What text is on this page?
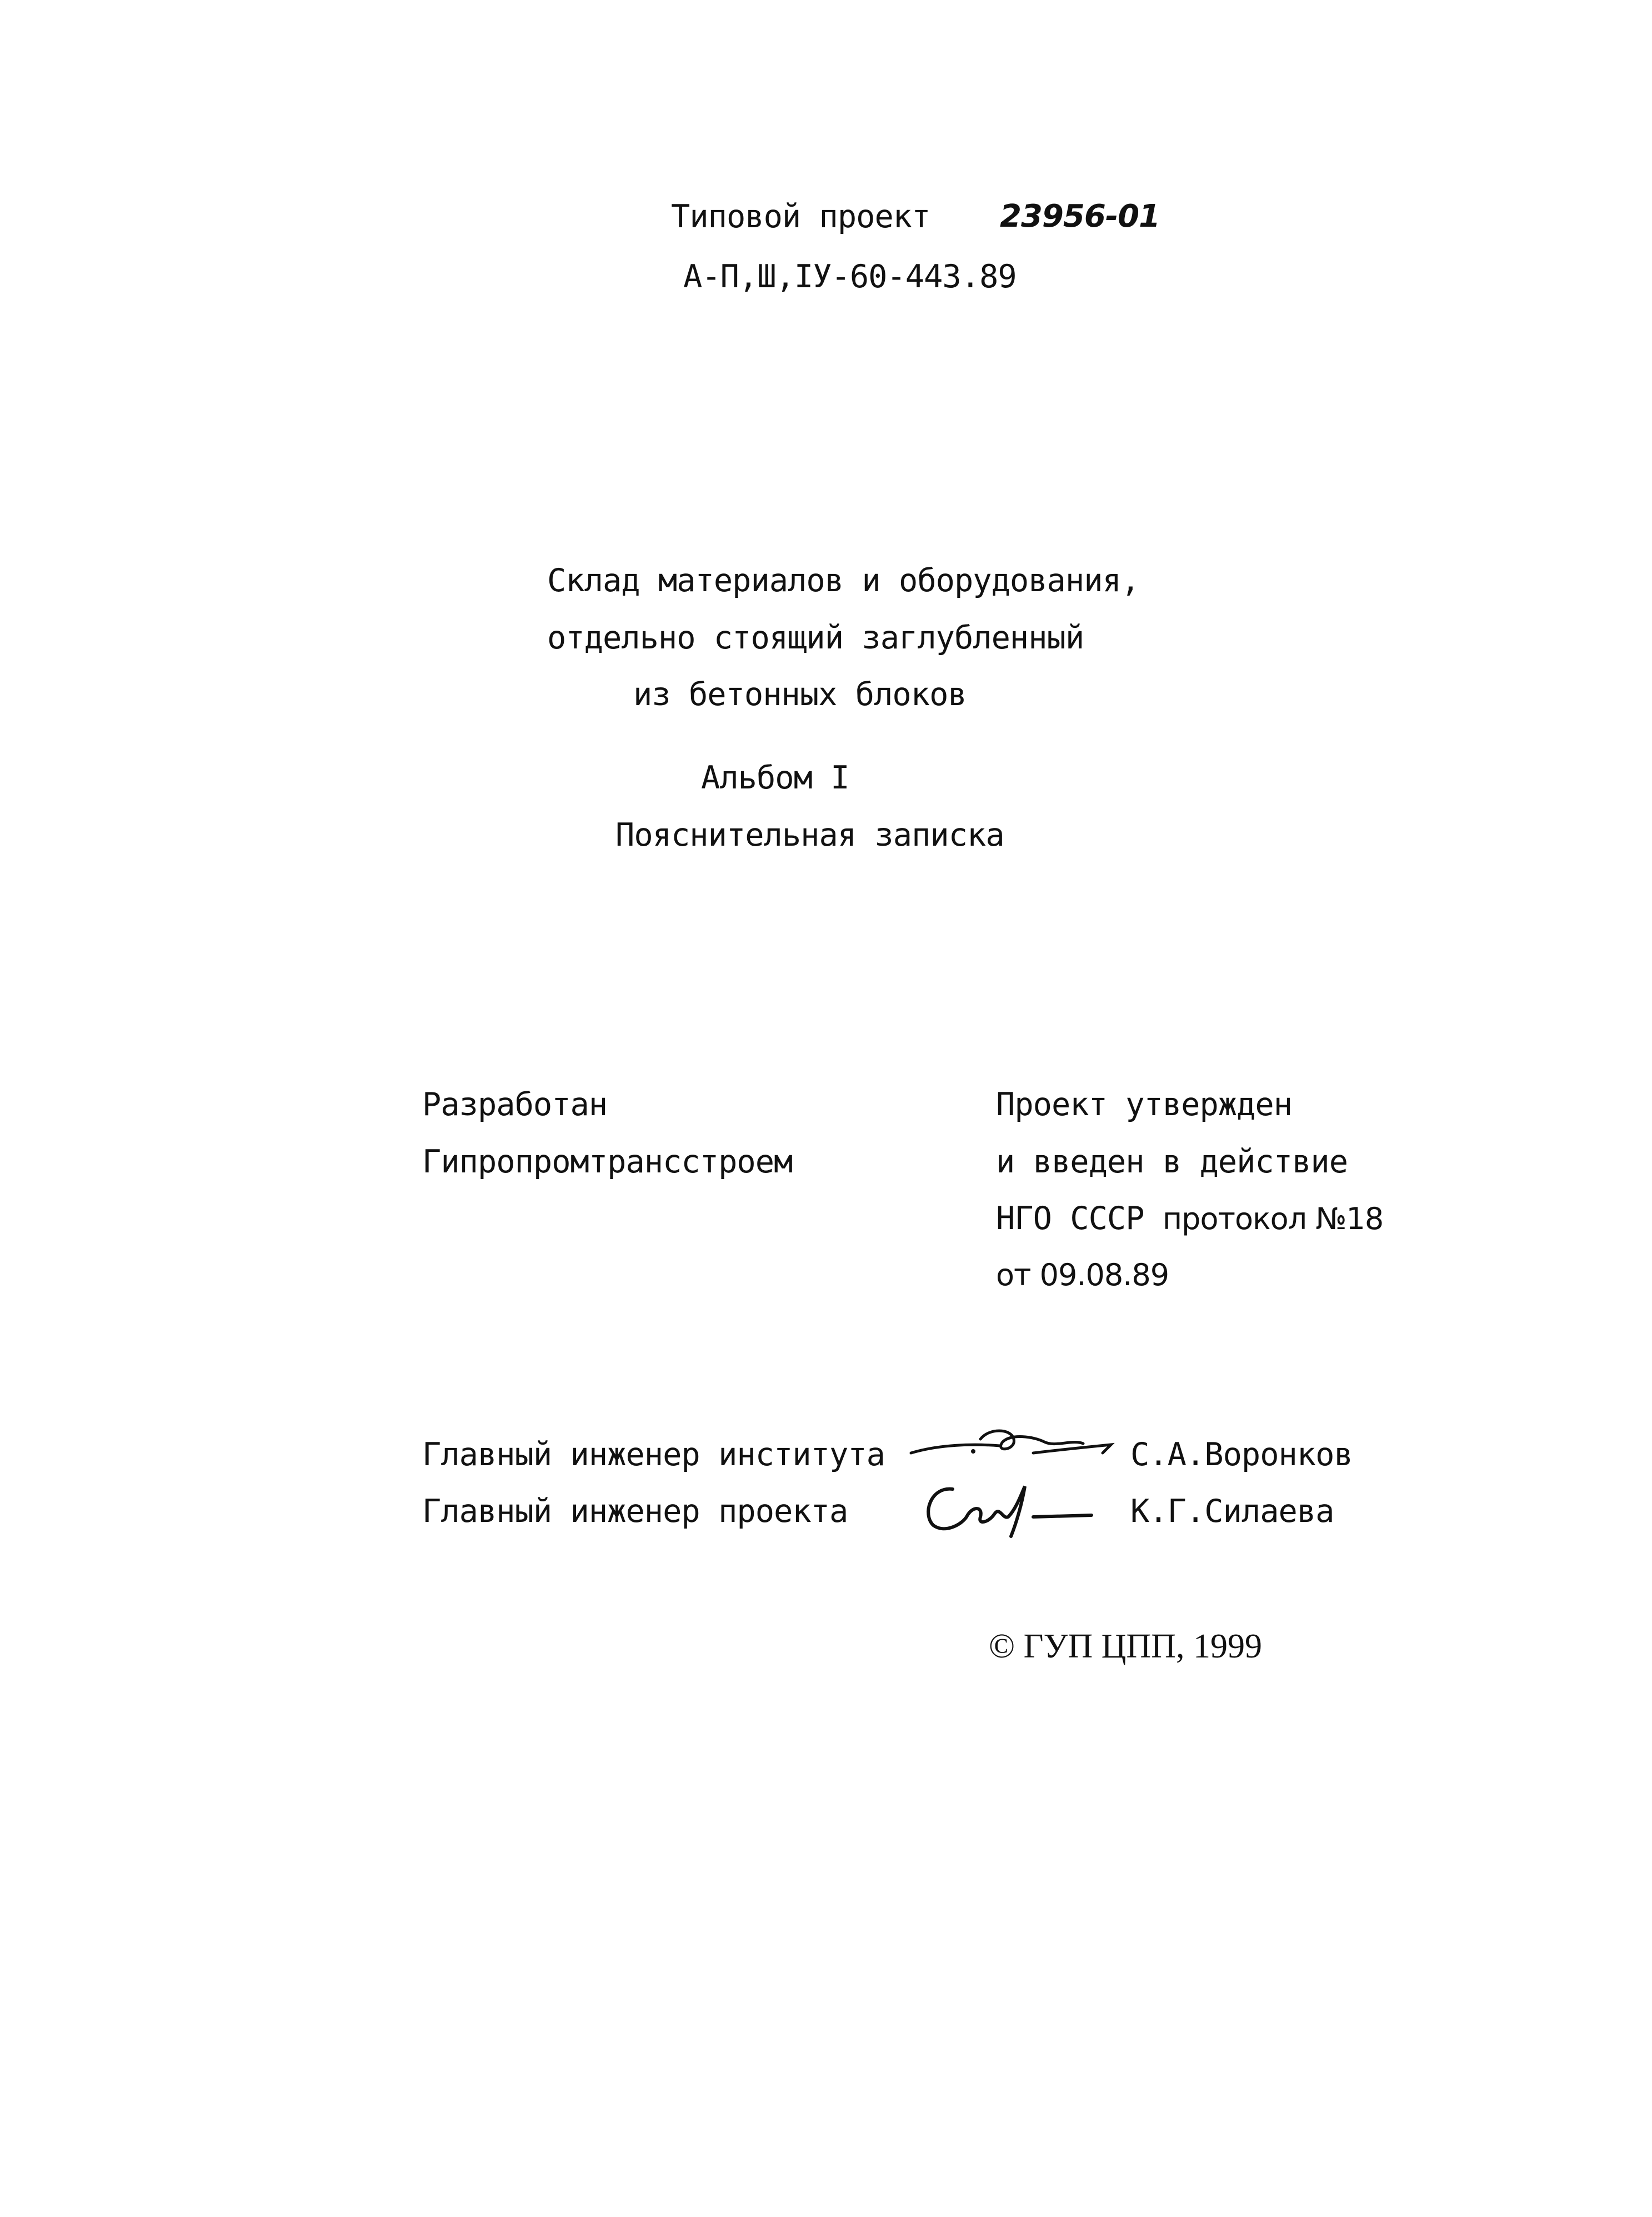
Типовой проект 23956-01
А-П,Ш,IУ-60-443.89
Склад материалов и оборудования,
отдельно стоящий заглубленный
из бетонных блоков
Альбом I
Пояснительная записка
Разработан
Гипропромтрансстроем
Проект утвержден
и введен в действие
НГО СССР протокол №18
от 09.08.89
Главный инженер института	С.А.Воронков
Главный инженер проекта	К.Г.Силаева
© ГУП ЦПП, 1999
